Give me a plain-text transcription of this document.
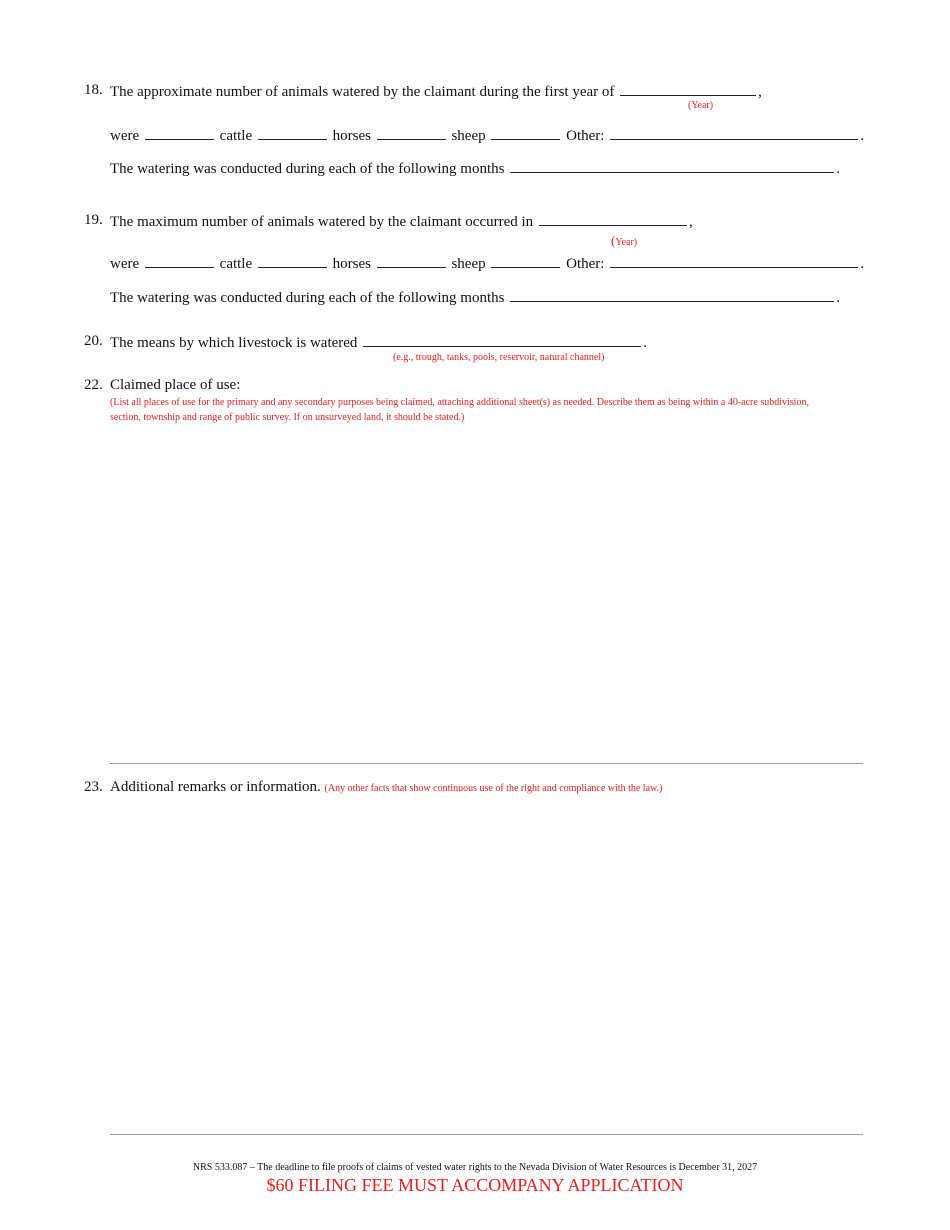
18. The approximate number of animals watered by the claimant during the first year of	,
(Year)
were	cattle	horses	sheep	Other:	.
The watering was conducted during each of the following months	.
19. The maximum number of animals watered by the claimant occurred in	,
(Year)
were	cattle	horses	sheep	Other:	.
The watering was conducted during each of the following months	.
20. The means by which livestock is watered	.
(e.g., trough, tanks, pools, reservoir, natural channel)
22. Claimed place of use:
(List all places of use for the primary and any secondary purposes being claimed, attaching additional sheet(s) as needed. Describe them as being within a 40-acre subdivision, section, township and range of public survey. If on unsurveyed land, it should be stated.)
23. Additional remarks or information. (Any other facts that show continuous use of the right and compliance with the law.)
NRS 533.087 – The deadline to file proofs of claims of vested water rights to the Nevada Division of Water Resources is December 31, 2027
$60 FILING FEE MUST ACCOMPANY APPLICATION
